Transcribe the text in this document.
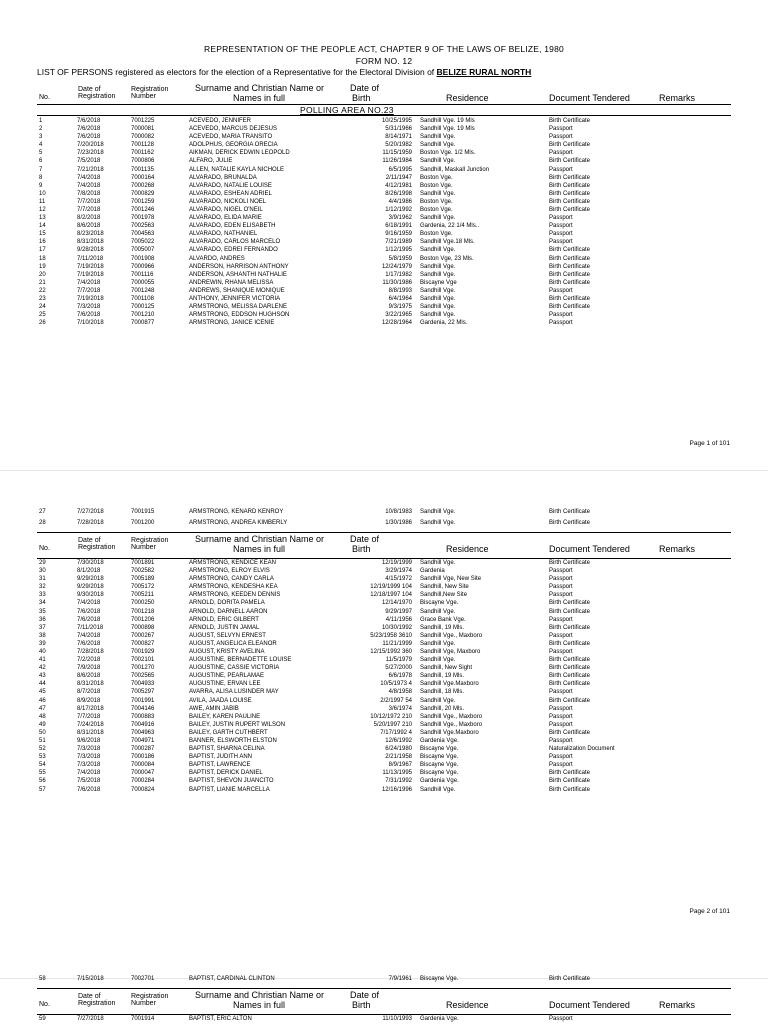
REPRESENTATION OF THE PEOPLE ACT, CHAPTER 9 OF THE LAWS OF BELIZE, 1980
FORM NO. 12
LIST OF PERSONS registered as electors for the election of a Representative for the Electoral Division of BELIZE RURAL NORTH
No.
Date of
Registration
Registration
Number
Surname and Christian Name or
Names in full
Date of
Birth	Residence	Document Tendered	Remarks
POLLING AREA NO.23
1	7/6/2018	7001225	ACEVEDO, JENNIFER	10/25/1995 Sandhill Vge. 19 Mls	Birth Certificate
2	7/6/2018	7000081	ACEVEDO, MARCUS DEJESUS	5/31/1966 Sandhill Vge. 19 Mls	Passport
3	7/6/2018	7000082	ACEVEDO, MARIA TRANSITO	8/14/1971 Sandhill Vge.	Passport
4	7/20/2018	7001128	ADOLPHUS, GEORGIA ORECIA	5/20/1982 Sandhill Vge.	Birth Certificate
5	7/23/2018	7001162	AIKMAN, DERICK EDWIN LEOPOLD	11/15/1959 Boston Vge. 1/2 Mls.	Passport
6	7/5/2018	7000806	ALFARO, JULIE	11/26/1984 Sandhill Vge.	Birth Certificate
7	7/21/2018	7001135	ALLEN, NATALIE KAYLA NICHOLE	6/5/1995 Sandhill, Maskall Junction	Passport
8	7/4/2018	7000164	ALVARADO, BRUNALDA	2/11/1947 Boston Vge.	Birth Certificate
9	7/4/2018	7000268	ALVARADO, NATALIE LOUISE	4/12/1981 Boston Vge.	Birth Certificate
10	7/8/2018	7000829	ALVARADO, ESHEAN ADRIEL	8/26/1998 Sandhill Vge.	Birth Certificate
11	7/7/2018	7001259	ALVARADO, NICKOLI NOEL	4/4/1986 Boston Vge.	Birth Certificate
12	7/7/2018	7001246	ALVARADO, NIGEL O'NEIL	1/12/1992 Boston Vge.	Birth Certificate
13	8/2/2018	7001978	ALVARADO, ELIDA MARIE	3/9/1962 Sandhill Vge.	Passport
14	8/6/2018	7002563	ALVARADO, EDEN ELISABETH	6/18/1991 Gardenia, 22 1/4 Mls..	Passport
15	8/23/2018	7004563	ALVARADO, NATHANIEL	9/16/1959 Boston Vge.	Passport
16	8/31/2018	7005022	ALVARADO, CARLOS MARCELO	7/21/1989 Sandhill Vge.18 Mls.	Passport
17	9/28/2018	7005007	ALVARADO, EDREI FERNANDO	1/12/1995 Sandhill Vge.	Birth Certificate
18	7/11/2018	7001908	ALVARDO, ANDRES	5/8/1959 Boston Vge, 23 Mls.	Birth Certificate
19	7/19/2018	7000966	ANDERSON, HARRISON ANTHONY	12/24/1979 Sandhill Vge.	Birth Certificate
20	7/19/2018	7001116	ANDERSON, ASHANTHI NATHALIE	1/17/1982 Sandhill Vge.	Birth Certificate
21	7/4/2018	7000055	ANDREWIN, RHANA MELISSA	11/30/1986 Biscayne Vge	Birth Certificate
22	7/7/2018	7001248	ANDREWS, SHANIQUE MONIQUE	8/8/1993 Sandhill Vge.	Passport
23	7/19/2018	7001108	ANTHONY, JENNIFER VICTORIA	6/4/1964 Sandhill Vge.	Birth Certificate
24	7/3/2018	7000125	ARMSTRONG, MELISSA DARLENE	9/3/1975 Sandhill Vge.	Birth Certificate
25	7/6/2018	7001210	ARMSTRONG, EDDSON HUGHSON	3/22/1965 Sandhill Vge.	Passport
26	7/10/2018	7000877	ARMSTRONG, JANICE ICENIE	12/28/1964 Gardenia, 22 Mls.	Passport
Page 1 of 101
27	7/27/2018	7001915	ARMSTRONG, KENARD KENROY	10/8/1983 Sandhill Vge.	Birth Certificate
28	7/28/2018	7001200	ARMSTRONG, ANDREA KIMBERLY	1/30/1986 Sandhill Vge.	Birth Certificate
No.
Date of
Registration
Registration
Number
Surname and Christian Name or
Names in full
Date of
Birth	Residence	Document Tendered	Remarks
29	7/30/2018	7001891	ARMSTRONG, KENDICE KEAN	12/19/1999 Sandhill Vge.	Birth Certificate
30	8/1/2018	7002582	ARMSTRONG, ELROY ELVIS	3/29/1974 Gardenia	Passport
31	9/29/2018	7005189	ARMSTRONG, CANDY CARLA	4/15/1972 Sandhill Vge, New Site	Passport
32	9/29/2018	7005172	ARMSTRONG, KENDESHA KEA	12/19/1999 104 Sandhill, New Site	Passport
33	9/30/2018	7005211	ARMSTRONG, KEEDEN DENNIS	12/18/1997 104 Sandhill,New Site	Passport
34	7/4/2018	7000250	ARNOLD, DORITA PAMELA	12/14/1970 Biscayne Vge.	Birth Certificate
35	7/6/2018	7001218	ARNOLD, DARNELL AARON	9/29/1997 Sandhill Vge.	Birth Certificate
36	7/6/2018	7001206	ARNOLD, ERIC GILBERT	4/11/1956 Grace Bank Vge.	Passport
37	7/11/2018	7000898	ARNOLD, JUSTIN JAMAL	10/30/1992 Sandhill, 19 Mls.	Birth Certificate
38	7/4/2018	7000267	AUGUST, SELVYN ERNEST	5/23/1958 3610 Sandhill Vge., Maxboro	Passport
39	7/6/2018	7000827	AUGUST, ANGELICA ELEANOR	11/21/1999 Sandhill Vge.	Birth Certificate
40	7/28/2018	7001929	AUGUST, KRISTY AVELINA	12/15/1992 360 Sandhill Vge, Maxboro	Passport
41	7/2/2018	7002101	AUGUSTINE, BERNADETTE LOUISE	11/5/1979 Sandhill Vge.	Birth Certificate
42	7/9/2018	7001270	AUGUSTINE, CASSIE VICTORIA	5/27/2000 Sandhill, New Sight	Birth Certificate
43	8/6/2018	7002565	AUGUSTINE, PEARLAMAE	6/6/1978 Sandhill, 19 Mls.	Birth Certificate
44	8/31/2018	7004933	AUGUSTINE, ERVAN LEE	10/5/1973 4 Sandhill Vge.Maxboro	Birth Certificate
45	8/7/2018	7005297	AVARRA, ALISA LUSINDER MAY	4/8/1958 Sandhill, 18 Mls.	Passport
46	8/9/2018	7001991	AVILA, JAADA LOUISE	2/2/1997 54 Sandhill Vge.	Birth Certificate
47	8/17/2018	7004146	AWE, AMIN JABIB	3/6/1974 Sandhill, 20 Mls.	Passport
48	7/7/2018	7000883	BAILEY, KAREN PAULINE	10/12/1972 210 Sandhill Vge., Maxboro	Passport
49	7/24/2018	7004916	BAILEY, JUSTIN RUPERT WILSON	5/20/1997 210 Sandhill Vge., Maxboro	Passport
50	8/31/2018	7004963	BAILEY, GARTH CUTHBERT	7/17/1992 4 Sandhill Vge.Maxboro	Birth Certificate
51	9/6/2018	7004971	BANNER, ELSWORTH ELSTON	12/6/1992 Gardenia Vge.	Passport
52	7/3/2018	7000287	BAPTIST, SHARNA CELINA	6/24/1980 Biscayne Vge.	Naturalization Document
53	7/3/2018	7000186	BAPTIST, JUDITH ANN	2/21/1958 Biscayne Vge.	Passport
54	7/3/2018	7000084	BAPTIST, LAWRENCE	8/9/1967 Biscayne Vge.	Passport
55	7/4/2018	7000047	BAPTIST, DERICK DANIEL	11/13/1995 Biscayne Vge.	Birth Certificate
56	7/5/2018	7000284	BAPTIST, SHEVON JUANCITO	7/31/1992 Gardenia Vge.	Birth Certificate
57	7/6/2018	7000824	BAPTIST, LIANIE MARCELLA	12/16/1996 Sandhill Vge.	Birth Certificate
Page 2 of 101
58	7/15/2018	7002701	BAPTIST, CARDINAL CLINTON	7/9/1961 Biscayne Vge.	Birth Certificate
No.
Date of
Registration
Registration
Number
Surname and Christian Name or
Names in full
Date of
Birth	Residence	Document Tendered	Remarks
59	7/27/2018	7001914	BAPTIST, ERIC ALTON	11/10/1993 Gardenia Vge.	Passport
